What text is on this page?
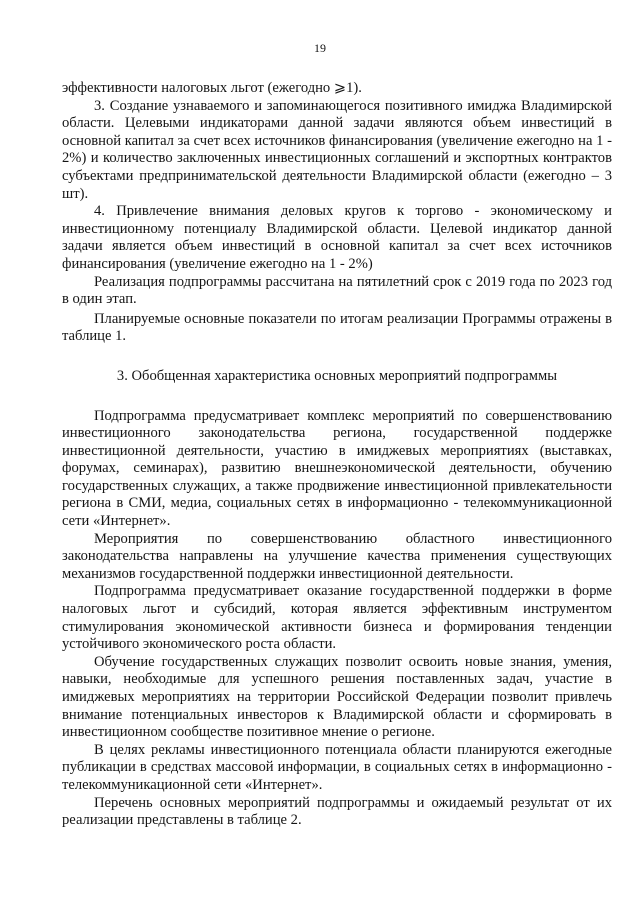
19

эффективности налоговых льгот (ежегодно ⩾1).

3. Создание узнаваемого и запоминающегося позитивного имиджа Владимирской области. Целевыми индикаторами данной задачи являются объем инвестиций в основной капитал за счет всех источников финансирования (увеличение ежегодно на 1 - 2%) и количество заключенных инвестиционных соглашений и экспортных контрактов субъектами предпринимательской деятельности Владимирской области (ежегодно – 3 шт).

4. Привлечение внимания деловых кругов к торгово - экономическому и инвестиционному потенциалу Владимирской области. Целевой индикатор данной задачи является объем инвестиций в основной капитал за счет всех источников финансирования (увеличение ежегодно на 1 - 2%)

Реализация подпрограммы рассчитана на пятилетний срок с 2019 года по 2023 год в один этап.

Планируемые основные показатели по итогам реализации Программы отражены в таблице 1.

3. Обобщенная характеристика основных мероприятий подпрограммы

Подпрограмма предусматривает комплекс мероприятий по совершенствованию инвестиционного законодательства региона, государственной поддержке инвестиционной деятельности, участию в имиджевых мероприятиях (выставках, форумах, семинарах), развитию внешнеэкономической деятельности, обучению государственных служащих, а также продвижение инвестиционной привлекательности региона в СМИ, медиа, социальных сетях в информационно - телекоммуникационной сети «Интернет».

Мероприятия по совершенствованию областного инвестиционного законодательства направлены на улучшение качества применения существующих механизмов государственной поддержки инвестиционной деятельности.

Подпрограмма предусматривает оказание государственной поддержки в форме налоговых льгот и субсидий, которая является эффективным инструментом стимулирования экономической активности бизнеса и формирования тенденции устойчивого экономического роста области.

Обучение государственных служащих позволит освоить новые знания, умения, навыки, необходимые для успешного решения поставленных задач, участие в имиджевых мероприятиях на территории Российской Федерации позволит привлечь внимание потенциальных инвесторов к Владимирской области и сформировать в инвестиционном сообществе позитивное мнение о регионе.

В целях рекламы инвестиционного потенциала области планируются ежегодные публикации в средствах массовой информации, в социальных сетях в информационно - телекоммуникационной сети «Интернет».

Перечень основных мероприятий подпрограммы и ожидаемый результат от их реализации представлены в таблице 2.
